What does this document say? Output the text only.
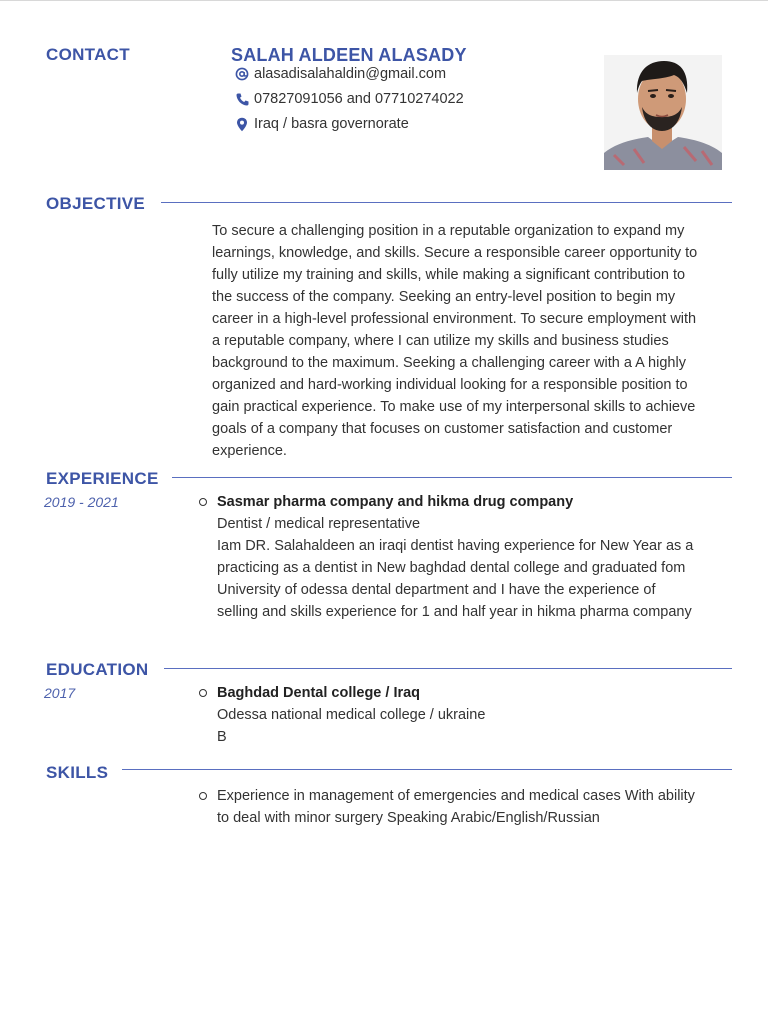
CONTACT	SALAH ALDEEN ALASADY
alasadisalahaldin@gmail.com
07827091056 and 07710274022
Iraq / basra governorate
OBJECTIVE
To secure a challenging position in a reputable organization to expand my
learnings, knowledge, and skills. Secure a responsible career opportunity to
fully utilize my training and skills, while making a significant contribution to
the success of the company. Seeking an entry-level position to begin my
career in a high-level professional environment. To secure employment with
a reputable company, where I can utilize my skills and business studies
background to the maximum. Seeking a challenging career with a A highly
organized and hard-working individual looking for a responsible position to
gain practical experience. To make use of my interpersonal skills to achieve
goals of a company that focuses on customer satisfaction and customer
experience.
EXPERIENCE
2019 - 2021	Sasmar pharma company and hikma drug company
Dentist / medical representative
Iam DR. Salahaldeen an iraqi dentist having experience for New Year as a
practicing as a dentist in New baghdad dental college and graduated fom
University of odessa dental department and I have the experience of
selling and skills experience for 1 and half year in hikma pharma company
EDUCATION
2017	Baghdad Dental college / Iraq
Odessa national medical college / ukraine
B
SKILLS
Experience in management of emergencies and medical cases With ability
to deal with minor surgery Speaking Arabic/English/Russian
